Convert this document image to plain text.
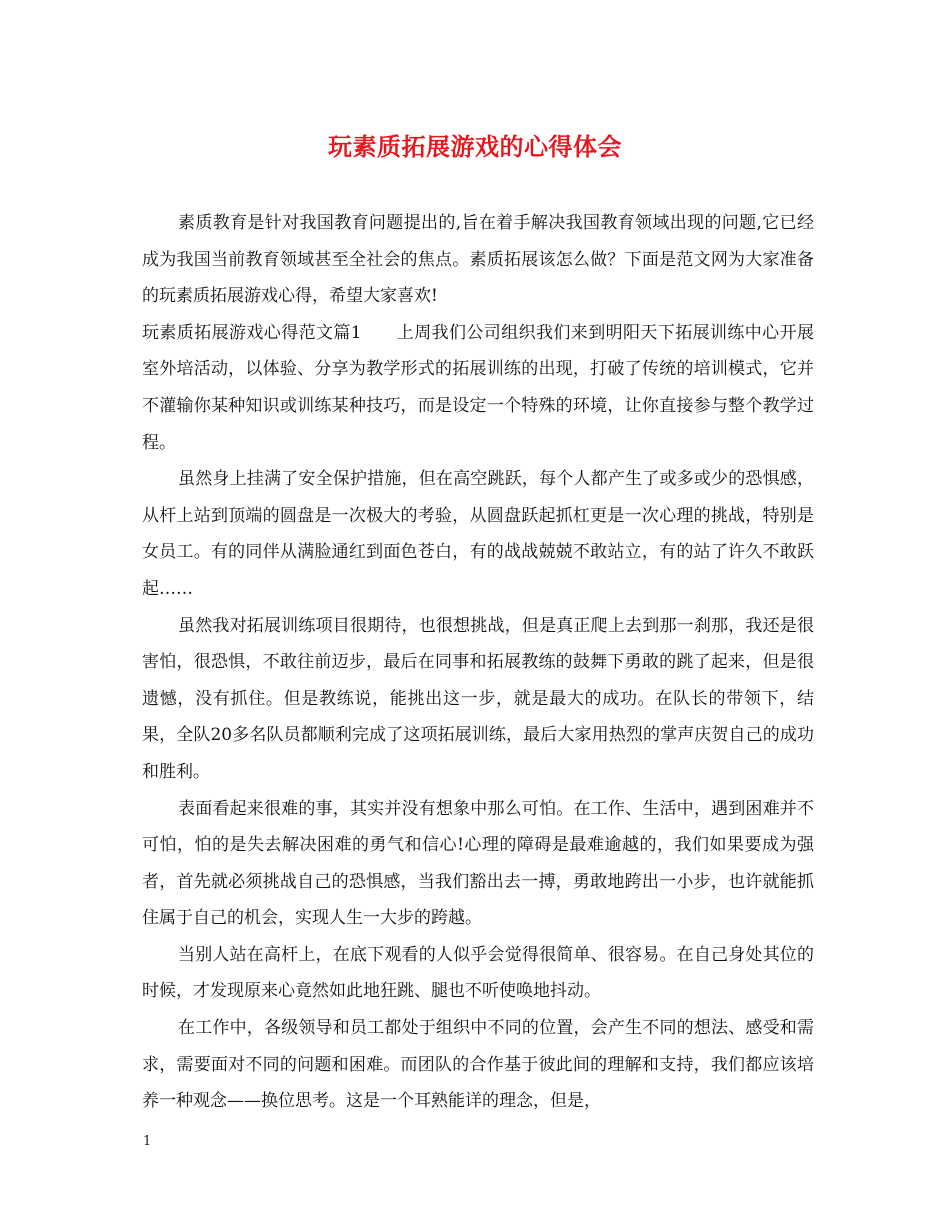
玩素质拓展游戏的心得体会

素质教育是针对我国教育问题提出的,旨在着手解决我国教育领域出现的问题,它已经成为我国当前教育领域甚至全社会的焦点。素质拓展该怎么做？下面是范文网为大家准备的玩素质拓展游戏心得，希望大家喜欢!

玩素质拓展游戏心得范文篇1　　上周我们公司组织我们来到明阳天下拓展训练中心开展室外培活动，以体验、分享为教学形式的拓展训练的出现，打破了传统的培训模式，它并不灌输你某种知识或训练某种技巧，而是设定一个特殊的环境，让你直接参与整个教学过程。

虽然身上挂满了安全保护措施，但在高空跳跃，每个人都产生了或多或少的恐惧感，从杆上站到顶端的圆盘是一次极大的考验，从圆盘跃起抓杠更是一次心理的挑战，特别是女员工。有的同伴从满脸通红到面色苍白，有的战战兢兢不敢站立，有的站了许久不敢跃起……

虽然我对拓展训练项目很期待，也很想挑战，但是真正爬上去到那一刹那，我还是很害怕，很恐惧，不敢往前迈步，最后在同事和拓展教练的鼓舞下勇敢的跳了起来，但是很遗憾，没有抓住。但是教练说，能挑出这一步，就是最大的成功。在队长的带领下，结果，全队20多名队员都顺利完成了这项拓展训练，最后大家用热烈的掌声庆贺自己的成功和胜利。

表面看起来很难的事，其实并没有想象中那么可怕。在工作、生活中，遇到困难并不可怕，怕的是失去解决困难的勇气和信心!心理的障碍是最难逾越的，我们如果要成为强者，首先就必须挑战自己的恐惧感，当我们豁出去一搏，勇敢地跨出一小步，也许就能抓住属于自己的机会，实现人生一大步的跨越。

当别人站在高杆上，在底下观看的人似乎会觉得很简单、很容易。在自己身处其位的时候，才发现原来心竟然如此地狂跳、腿也不听使唤地抖动。

在工作中，各级领导和员工都处于组织中不同的位置，会产生不同的想法、感受和需求，需要面对不同的问题和困难。而团队的合作基于彼此间的理解和支持，我们都应该培养一种观念——换位思考。这是一个耳熟能详的理念，但是，

1
